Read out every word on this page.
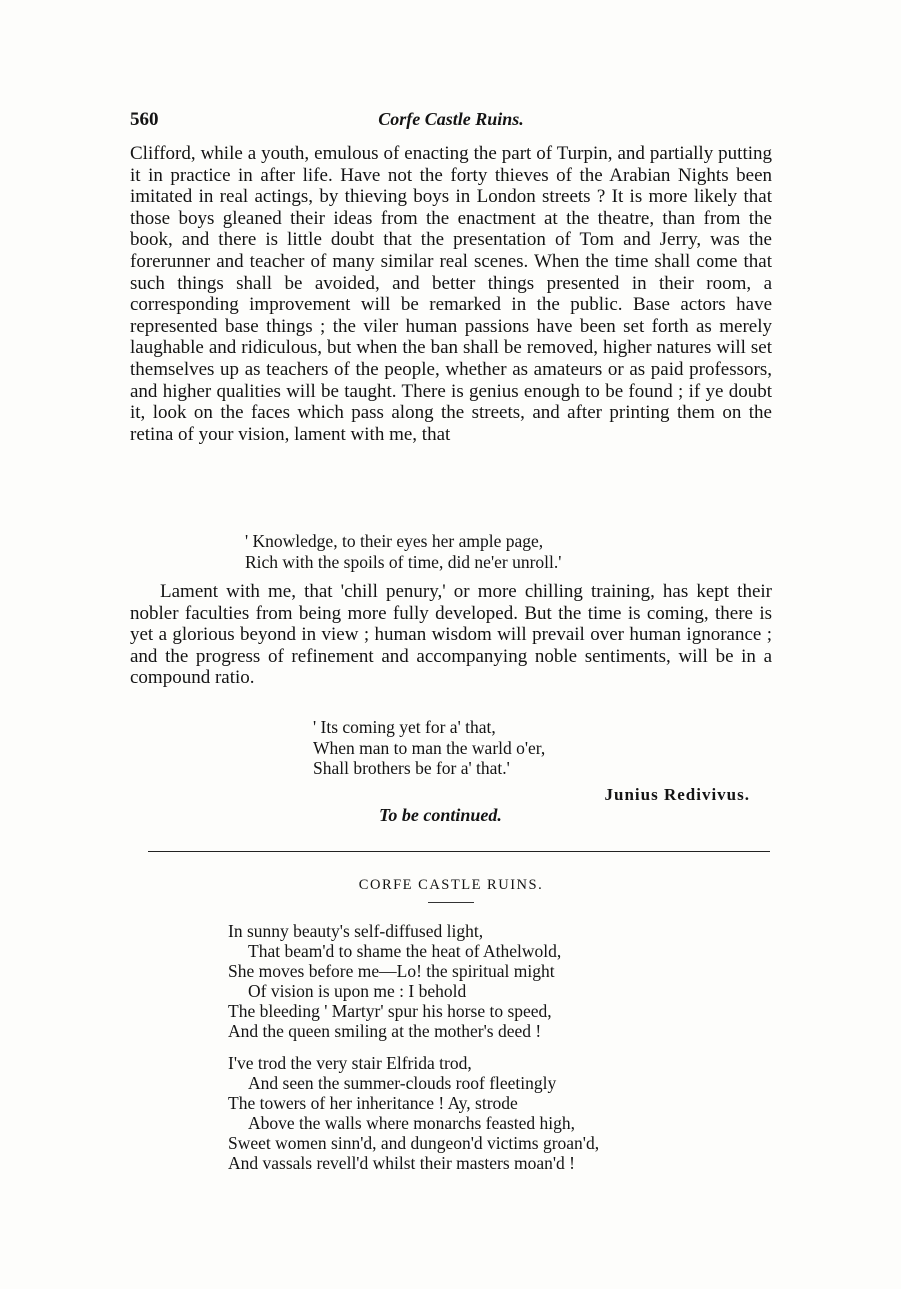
560	Corfe Castle Ruins.

Clifford, while a youth, emulous of enacting the part of Turpin, and partially putting it in practice in after life. Have not the forty thieves of the Arabian Nights been imitated in real actings, by thieving boys in London streets ? It is more likely that those boys gleaned their ideas from the enactment at the theatre, than from the book, and there is little doubt that the presentation of Tom and Jerry, was the forerunner and teacher of many similar real scenes. When the time shall come that such things shall be avoided, and better things presented in their room, a corresponding improvement will be remarked in the public. Base actors have represented base things ; the viler human passions have been set forth as merely laughable and ridiculous, but when the ban shall be removed, higher natures will set themselves up as teachers of the people, whether as amateurs or as paid professors, and higher qualities will be taught. There is genius enough to be found ; if ye doubt it, look on the faces which pass along the streets, and after printing them on the retina of your vision, lament with me, that

' Knowledge, to their eyes her ample page,
Rich with the spoils of time, did ne'er unroll.'

Lament with me, that 'chill penury,' or more chilling training, has kept their nobler faculties from being more fully developed. But the time is coming, there is yet a glorious beyond in view ; human wisdom will prevail over human ignorance ; and the progress of refinement and accompanying noble sentiments, will be in a compound ratio.

' Its coming yet for a' that,
When man to man the warld o'er,
Shall brothers be for a' that.'
Junius Redivivus.
To be continued.
CORFE CASTLE RUINS.
In sunny beauty's self-diffused light,
That beam'd to shame the heat of Athelwold,
She moves before me—Lo! the spiritual might
Of vision is upon me : I behold
The bleeding ' Martyr' spur his horse to speed,
And the queen smiling at the mother's deed !
I've trod the very stair Elfrida trod,
And seen the summer-clouds roof fleetingly
The towers of her inheritance ! Ay, strode
Above the walls where monarchs feasted high,
Sweet women sinn'd, and dungeon'd victims groan'd,
And vassals revell'd whilst their masters moan'd !
